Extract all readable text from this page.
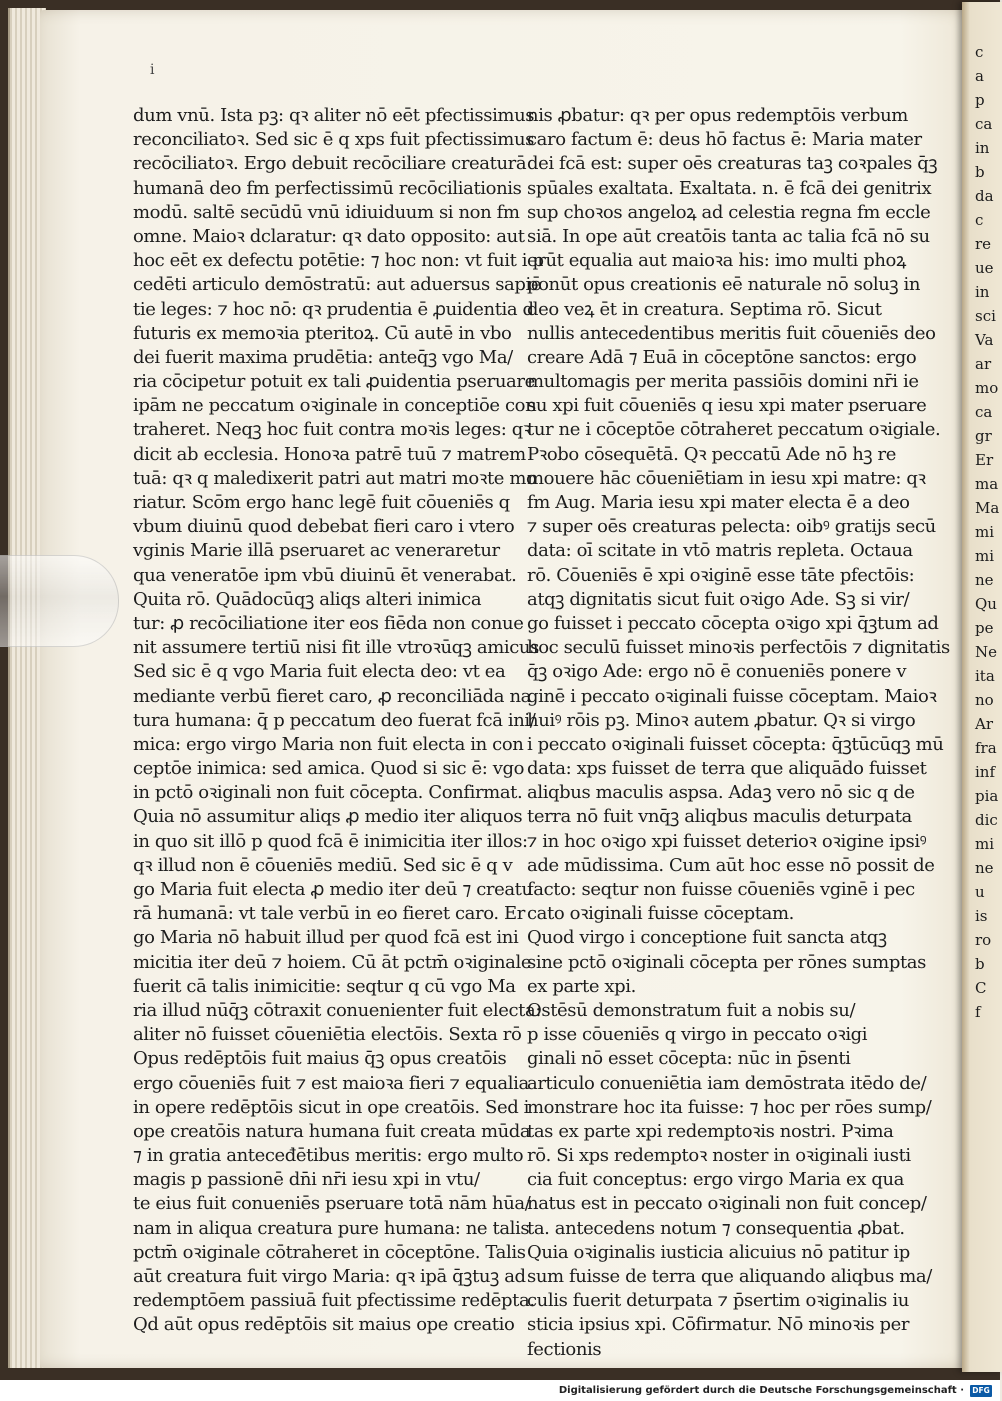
i
dum vnū. Ista pꝫ: qꝛ aliter nō eēt pfectissimus
reconciliatoꝛ. Sed sic ē q xps fuit pfectissimus
recōciliatoꝛ. Ergo debuit recōciliare creaturā
humanā deo fm perfectissimū recōciliationis
modū. saltē secūdū vnū idiuiduum si non fm
omne. Maioꝛ dclaratur: qꝛ dato opposito: aut
hoc eēt ex defectu potētie: ⁊ hoc non: vt fuit i p
cedēti articulo demōstratū: aut aduersus sapiē
tie leges: ⁊ hoc nō: qꝛ prudentia ē ꝓuidentia d
futuris ex memoꝛia pteritoꝝ. Cū autē in vbo
dei fuerit maxima prudētia: anteq̄ꝫ vgo Ma/
ria cōcipetur potuit ex tali ꝓuidentia pseruare
ipām ne peccatum oꝛiginale in conceptiōe con
traheret. Neqꝫ hoc fuit contra moꝛis leges: qꝛ
dicit ab ecclesia. Honoꝛa patrē tuū ⁊ matrem
tuā: qꝛ q maledixerit patri aut matri moꝛte mo
riatur. Scōm ergo hanc legē fuit cōueniēs q
vbum diuinū quod debebat fieri caro i vtero
vginis Marie illā pseruaret ac veneraretur
qua veneratōe ipm vbū diuinū ēt venerabat.
Quita rō. Quādocūqꝫ aliqs alteri inimica
tur: ꝓ recōciliatione iter eos fiēda non conue
nit assumere tertiū nisi fit ille vtroꝛūqꝫ amicus
Sed sic ē q vgo Maria fuit electa deo: vt ea
mediante verbū fieret caro, ꝓ reconciliāda na
tura humana: q̄ p peccatum deo fuerat fcā ini/
mica: ergo virgo Maria non fuit electa in con
ceptōe inimica: sed amica. Quod si sic ē: vgo
in pctō oꝛiginali non fuit cōcepta. Confirmat.
Quia nō assumitur aliqs ꝓ medio iter aliquos
in quo sit illō p quod fcā ē inimicitia iter illos:
qꝛ illud non ē cōueniēs mediū. Sed sic ē q v
go Maria fuit electa ꝓ medio iter deū ⁊ creatu
rā humanā: vt tale verbū in eo fieret caro. Er
go Maria nō habuit illud per quod fcā est ini
micitia iter deū ⁊ hoiem. Cū āt pctm̄ oꝛiginale
fuerit cā talis inimicitie: seqtur q cū vgo Ma
ria illud nūq̄ꝫ cōtraxit conuenienter fuit electa:
aliter nō fuisset cōueniētia electōis. Sexta rō
Opus redēptōis fuit maius q̄ꝫ opus creatōis
ergo cōueniēs fuit ⁊ est maioꝛa fieri ⁊ equalia
in opere redēptōis sicut in ope creatōis. Sed i
ope creatōis natura humana fuit creata mūda
⁊ in gratia anteceđētibus meritis: ergo multo
magis p passionē dn̄i nr̄i iesu xpi in vtu/
te eius fuit conueniēs pseruare totā nām hūa/
nam in aliqua creatura pure humana: ne talis
pctm̄ oꝛiginale cōtraheret in cōceptōne. Talis
aūt creatura fuit virgo Maria: qꝛ ipā q̄ꝫtuꝫ ad
redemptōem passiuā fuit pfectissime redēpta.
Qd aūt opus redēptōis sit maius ope creatio
nis ꝓbatur: qꝛ per opus redemptōis verbum
caro factum ē: deus hō factus ē: Maria mater
dei fcā est: super oēs creaturas taꝫ coꝛpales q̄ꝫ
spūales exaltata. Exaltata. n. ē fcā dei genitrix
sup choꝛos angeloꝝ ad celestia regna fm eccle
siā. In ope aūt creatōis tanta ac talia fcā nō su
erūt equalia aut maioꝛa his: imo multi phoꝝ
ponūt opus creationis eē naturale nō soluꝫ in
deo veꝝ ēt in creatura. Septima rō. Sicut
nullis antecedentibus meritis fuit cōueniēs deo
creare Adā ⁊ Euā in cōceptōne sanctos: ergo
multomagis per merita passiōis domini nr̄i ie
su xpi fuit cōueniēs q iesu xpi mater pseruare
tur ne i cōceptōe cōtraheret peccatum oꝛigiale.
Pꝛobo cōsequētā. Qꝛ peccatū Ade nō hꝫ re
mouere hāc cōueniētiam in iesu xpi matre: qꝛ
fm Aug. Maria iesu xpi mater electa ē a deo
⁊ super oēs creaturas pelecta: oibꝰ gratijs secū
data: oī scitate in vtō matris repleta. Octaua
rō. Cōueniēs ē xpi oꝛiginē esse tāte pfectōis:
atqꝫ dignitatis sicut fuit oꝛigo Ade. Sꝫ si vir/
go fuisset i peccato cōcepta oꝛigo xpi q̄ꝫtum ad
hoc seculū fuisset minoꝛis perfectōis ⁊ dignitatis
q̄ꝫ oꝛigo Ade: ergo nō ē conueniēs ponere v
ginē i peccato oꝛiginali fuisse cōceptam. Maioꝛ
huiꝰ rōis pꝫ. Minoꝛ autem ꝓbatur. Qꝛ si virgo
i peccato oꝛiginali fuisset cōcepta: q̄ꝫtūcūqꝫ mū
data: xps fuisset de terra que aliquādo fuisset
aliqbus maculis aspsa. Adaꝫ vero nō sic q de
terra nō fuit vnq̄ꝫ aliqbus maculis deturpata
⁊ in hoc oꝛigo xpi fuisset deterioꝛ oꝛigine ipsiꝰ
ade mūdissima. Cum aūt hoc esse nō possit de
facto: seqtur non fuisse cōueniēs vginē i pec
cato oꝛiginali fuisse cōceptam.
Quod virgo i conceptione fuit sancta atqꝫ
sine pctō oꝛiginali cōcepta per rōnes sumptas
ex parte xpi.
Ostēsū demonstratum fuit a nobis su/
p isse cōueniēs q virgo in peccato oꝛigi
ginali nō esset cōcepta: nūc in p̄senti
articulo conueniētia iam demōstrata itēdo de/
monstrare hoc ita fuisse: ⁊ hoc per rōes sump/
tas ex parte xpi redemptoꝛis nostri. Pꝛima
rō. Si xps redemptoꝛ noster in oꝛiginali iusti
cia fuit conceptus: ergo virgo Maria ex qua
natus est in peccato oꝛiginali non fuit concep/
ta. antecedens notum ⁊ consequentia ꝓbat.
Quia oꝛiginalis iusticia alicuius nō patitur ip
sum fuisse de terra que aliquando aliqbus ma/
culis fuerit deturpata ⁊ p̄sertim oꝛiginalis iu
sticia ipsius xpi. Cōfirmatur. Nō minoꝛis per
fectionis
c
a
p
ca
in
b
da
c
re
ue
in
sci
Va
ar
mo
ca
gr
Er
ma
Ma
mi
mi
ne
Qu
pe
Ne
ita
no
Ar
fra
inf
pia
dic
mi
ne
u
is
ro
b
C
f
Digitalisierung gefördert durch die Deutsche Forschungsgemeinschaft · DFG
